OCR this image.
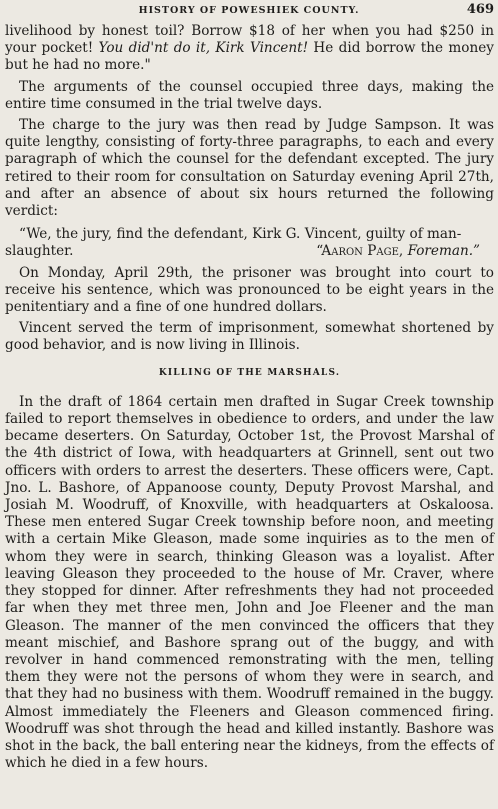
HISTORY OF POWESHIEK COUNTY.	469

livelihood by honest toil? Borrow $18 of her when you had $250 in your pocket! You did'nt do it, Kirk Vincent! He did borrow the money but he had no more."

The arguments of the counsel occupied three days, making the entire time consumed in the trial twelve days.

The charge to the jury was then read by Judge Sampson. It was quite lengthy, consisting of forty-three paragraphs, to each and every paragraph of which the counsel for the defendant excepted. The jury retired to their room for consultation on Saturday evening April 27th, and after an absence of about six hours returned the following verdict:

“We, the jury, find the defendant, Kirk G. Vincent, guilty of man-
slaughter.	“Aaron Page, Foreman.”

On Monday, April 29th, the prisoner was brought into court to receive his sentence, which was pronounced to be eight years in the penitentiary and a fine of one hundred dollars.

Vincent served the term of imprisonment, somewhat shortened by good behavior, and is now living in Illinois.

KILLING OF THE MARSHALS.

In the draft of 1864 certain men drafted in Sugar Creek township failed to report themselves in obedience to orders, and under the law became deserters. On Saturday, October 1st, the Provost Marshal of the 4th district of Iowa, with headquarters at Grinnell, sent out two officers with orders to arrest the deserters. These officers were, Capt. Jno. L. Bashore, of Appanoose county, Deputy Provost Marshal, and Josiah M. Woodruff, of Knoxville, with headquarters at Oskaloosa. These men entered Sugar Creek township before noon, and meeting with a certain Mike Gleason, made some inquiries as to the men of whom they were in search, thinking Gleason was a loyalist. After leaving Gleason they proceeded to the house of Mr. Craver, where they stopped for dinner. After refreshments they had not proceeded far when they met three men, John and Joe Fleener and the man Gleason. The manner of the men convinced the officers that they meant mischief, and Bashore sprang out of the buggy, and with revolver in hand commenced remonstrating with the men, telling them they were not the persons of whom they were in search, and that they had no business with them. Woodruff remained in the buggy. Almost immediately the Fleeners and Gleason commenced firing. Woodruff was shot through the head and killed instantly. Bashore was shot in the back, the ball entering near the kidneys, from the effects of which he died in a few hours.
